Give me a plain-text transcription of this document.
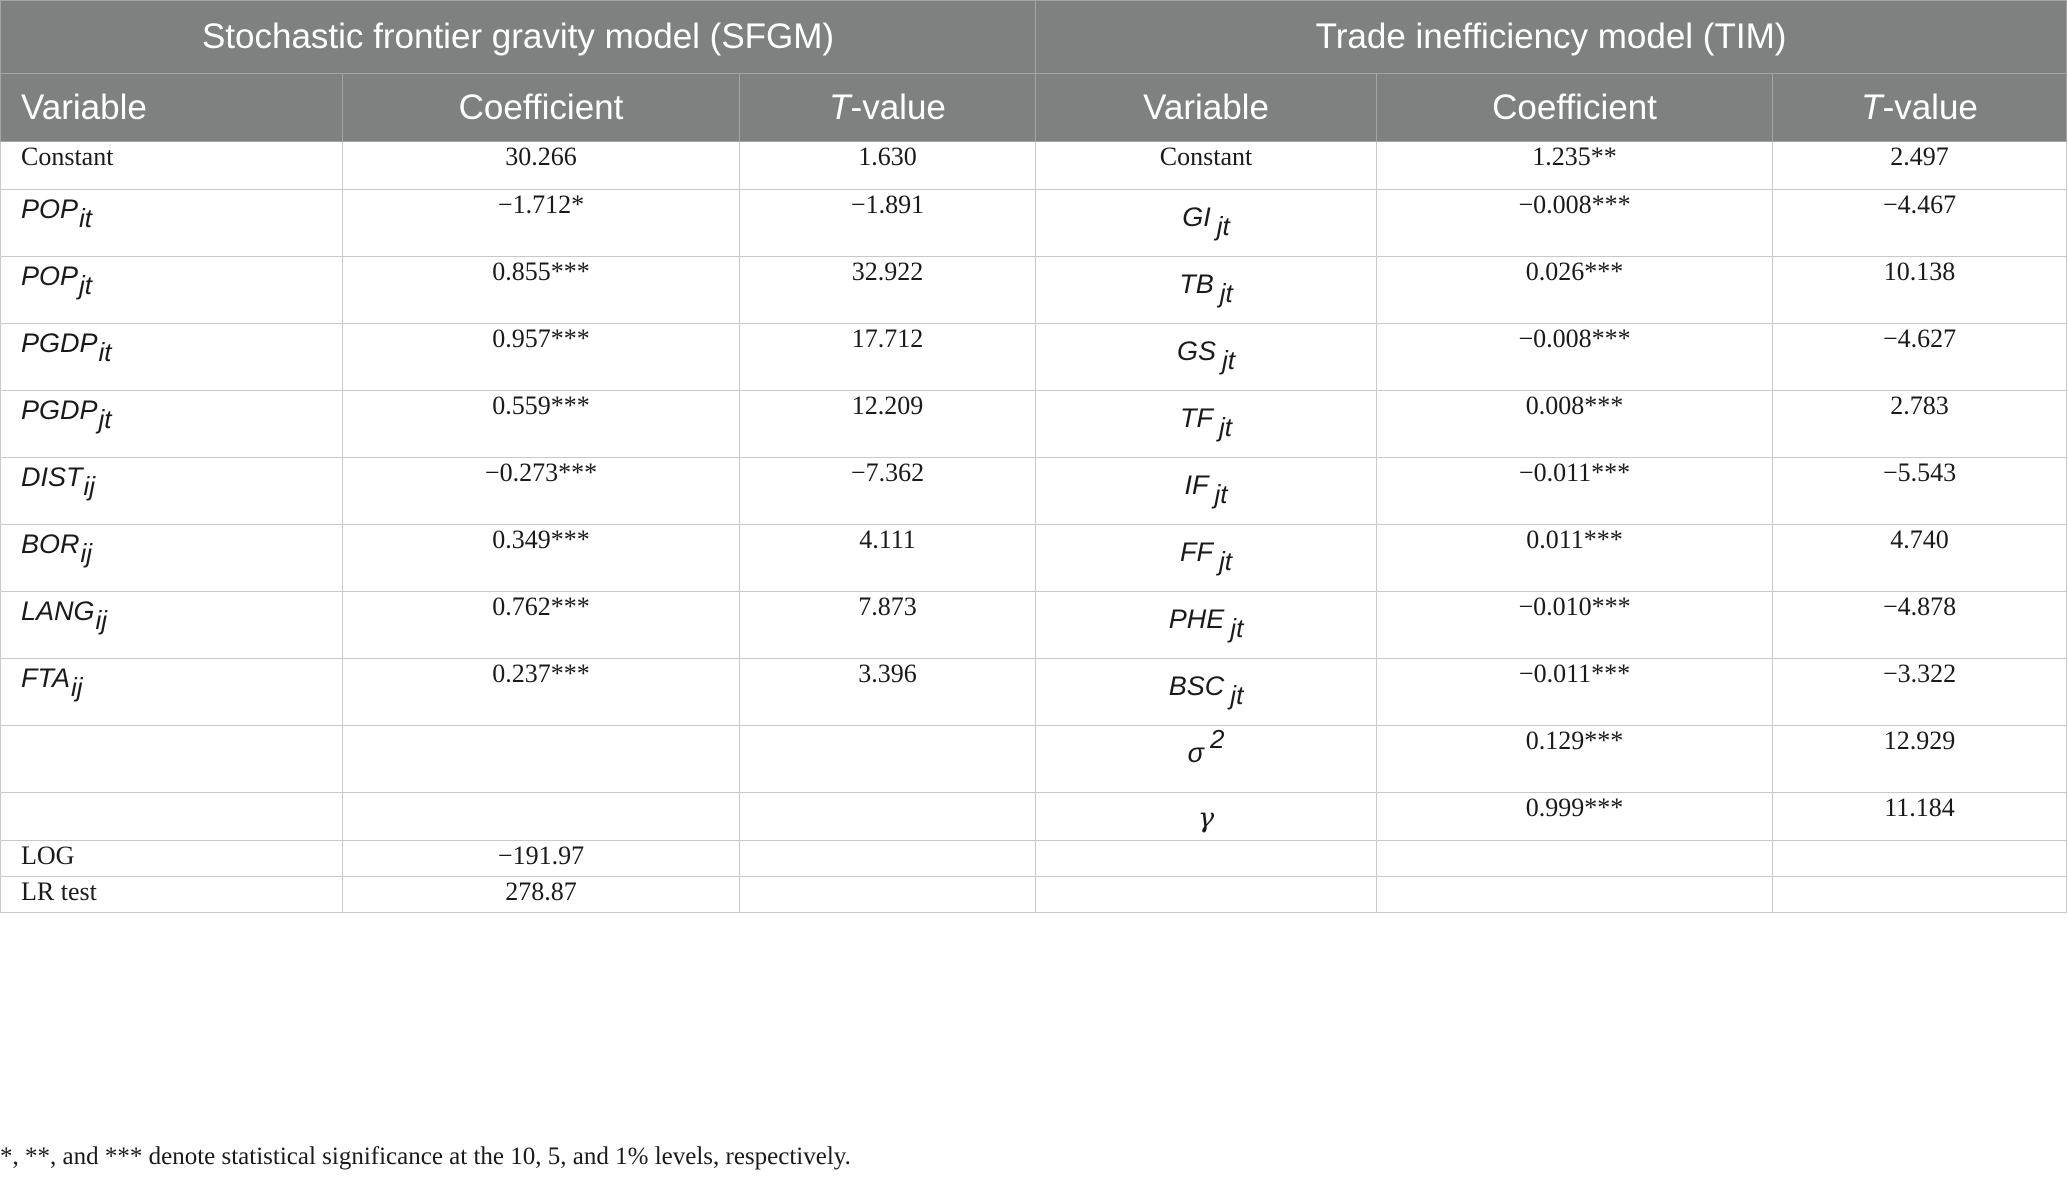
Stochastic frontier gravity model (SFGM)			Trade inefficiency model (TIM)		
Variable	Coefficient	T-value	Variable	Coefficient	T-value
Constant	30.266	1.630	Constant	1.235**	2.497
$POP_{it}$	−1.712*	−1.891	GI $_{jt}$	−0.008***	−4.467
$POP_{jt}$	0.855***	32.922	TB $_{jt}$	0.026***	10.138
$PGDP_{it}$	0.957***	17.712	GS $_{jt}$	−0.008***	−4.627
$PGDP_{jt}$	0.559***	12.209	TF $_{jt}$	0.008***	2.783
$DIST_{ij}$	−0.273***	−7.362	IF $_{jt}$	−0.011***	−5.543
$BOR_{ij}$	0.349***	4.111	FF $_{jt}$	0.011***	4.740
$LANG_{ij}$	0.762***	7.873	PHE $_{jt}$	−0.010***	−4.878
$FTA_{ij}$	0.237***	3.396	BSC $_{jt}$	−0.011***	−3.322
			σ $^2$	0.129***	12.929
			γ	0.999***	11.184
LOG	−191.97				
LR test	278.87				
*, **, and *** denote statistical significance at the 10, 5, and 1% levels, respectively.
